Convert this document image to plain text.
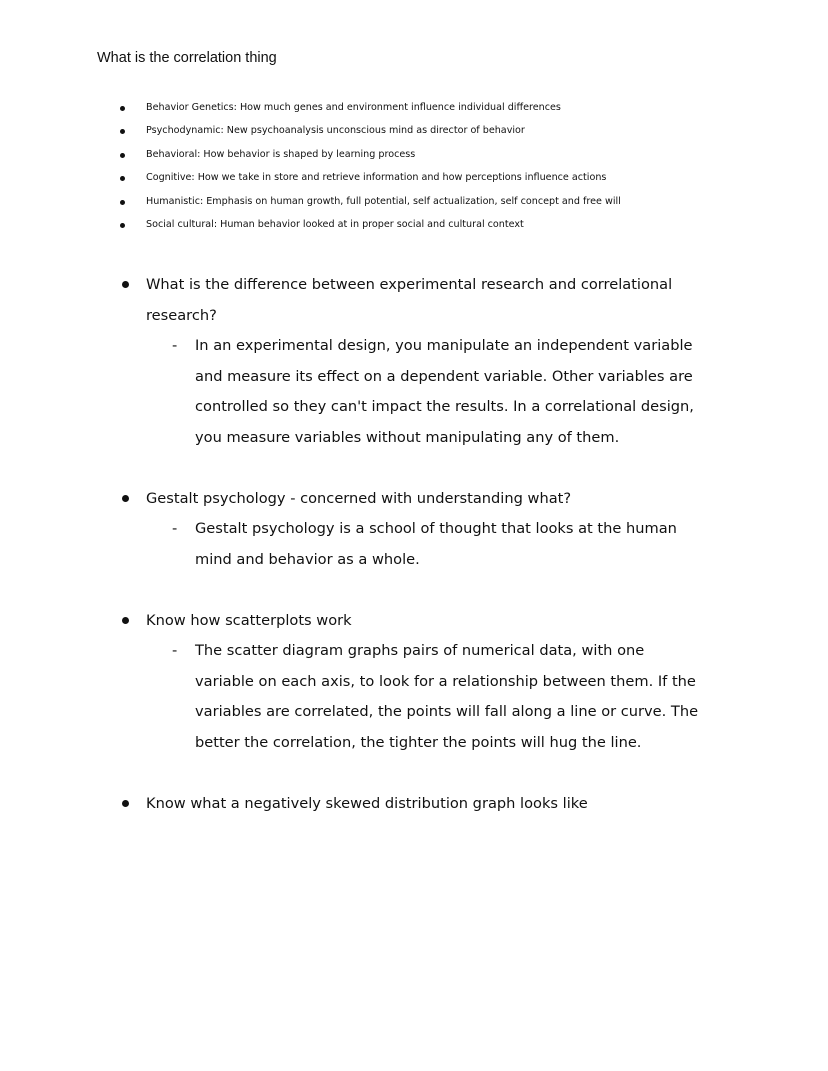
What is the correlation thing
Behavior Genetics: How much genes and environment influence individual differences
Psychodynamic: New psychoanalysis unconscious mind as director of behavior
Behavioral: How behavior is shaped by learning process
Cognitive: How we take in store and retrieve information and how perceptions influence actions
Humanistic: Emphasis on human growth, full potential, self actualization, self concept and free will
Social cultural: Human behavior looked at in proper social and cultural context
What is the difference between experimental research and correlational
research?
- In an experimental design, you manipulate an independent variable
and measure its effect on a dependent variable. Other variables are
controlled so they can't impact the results. In a correlational design,
you measure variables without manipulating any of them.
Gestalt psychology - concerned with understanding what?
- Gestalt psychology is a school of thought that looks at the human
mind and behavior as a whole.
Know how scatterplots work
- The scatter diagram graphs pairs of numerical data, with one
variable on each axis, to look for a relationship between them. If the
variables are correlated, the points will fall along a line or curve. The
better the correlation, the tighter the points will hug the line.
Know what a negatively skewed distribution graph looks like
